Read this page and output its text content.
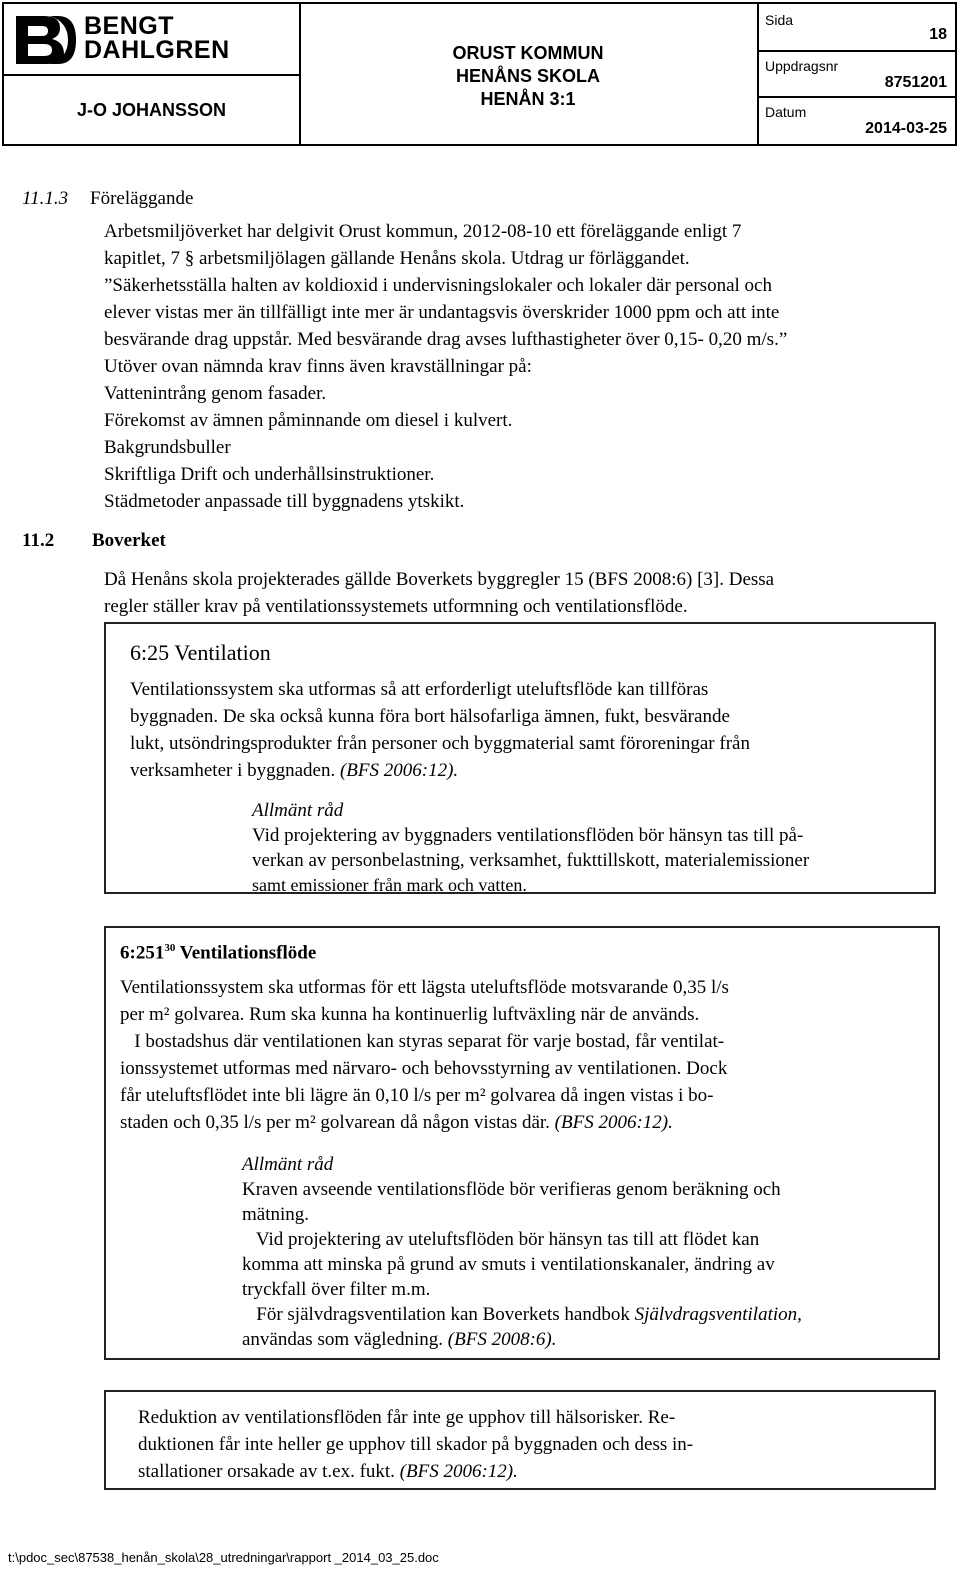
BENGT
DAHLGREN
J-O JOHANSSON
ORUST KOMMUN
HENÅNS SKOLA
HENÅN 3:1
Sida
18
Uppdragsnr
8751201
Datum
2014-03-25
11.1.3 Föreläggande
Arbetsmiljöverket har delgivit Orust kommun, 2012-08-10 ett föreläggande enligt 7
kapitlet, 7 § arbetsmiljölagen gällande Henåns skola. Utdrag ur förläggandet.
”Säkerhetsställa halten av koldioxid i undervisningslokaler och lokaler där personal och
elever vistas mer än tillfälligt inte mer är undantagsvis överskrider 1000 ppm och att inte
besvärande drag uppstår. Med besvärande drag avses lufthastigheter över 0,15- 0,20 m/s.”
Utöver ovan nämnda krav finns även kravställningar på:
Vattenintrång genom fasader.
Förekomst av ämnen påminnande om diesel i kulvert.
Bakgrundsbuller
Skriftliga Drift och underhållsinstruktioner.
Städmetoder anpassade till byggnadens ytskikt.
11.2 Boverket
Då Henåns skola projekterades gällde Boverkets byggregler 15 (BFS 2008:6) [3]. Dessa
regler ställer krav på ventilationssystemets utformning och ventilationsflöde.
6:25 Ventilation
Ventilationssystem ska utformas så att erforderligt uteluftsflöde kan tillföras
byggnaden. De ska också kunna föra bort hälsofarliga ämnen, fukt, besvärande
lukt, utsöndringsprodukter från personer och byggmaterial samt föroreningar från
verksamheter i byggnaden. (BFS 2006:12).
Allmänt råd
Vid projektering av byggnaders ventilationsflöden bör hänsyn tas till på-
verkan av personbelastning, verksamhet, fukttillskott, materialemissioner
samt emissioner från mark och vatten.
$6:251^{30}$ Ventilationsflöde
Ventilationssystem ska utformas för ett lägsta uteluftsflöde motsvarande 0,35 l/s
per m² golvarea. Rum ska kunna ha kontinuerlig luftväxling när de används.
I bostadshus där ventilationen kan styras separat för varje bostad, får ventilat-
ionssystemet utformas med närvaro- och behovsstyrning av ventilationen. Dock
får uteluftsflödet inte bli lägre än 0,10 l/s per m² golvarea då ingen vistas i bo-
staden och 0,35 l/s per m² golvarean då någon vistas där. (BFS 2006:12).
Allmänt råd
Kraven avseende ventilationsflöde bör verifieras genom beräkning och
mätning.
Vid projektering av uteluftsflöden bör hänsyn tas till att flödet kan
komma att minska på grund av smuts i ventilationskanaler, ändring av
tryckfall över filter m.m.
För självdragsventilation kan Boverkets handbok Självdragsventilation,
användas som vägledning. (BFS 2008:6).
Reduktion av ventilationsflöden får inte ge upphov till hälsorisker. Re-
duktionen får inte heller ge upphov till skador på byggnaden och dess in-
stallationer orsakade av t.ex. fukt. (BFS 2006:12).
t:\pdoc_sec\87538_henån_skola\28_utredningar\rapport _2014_03_25.doc
